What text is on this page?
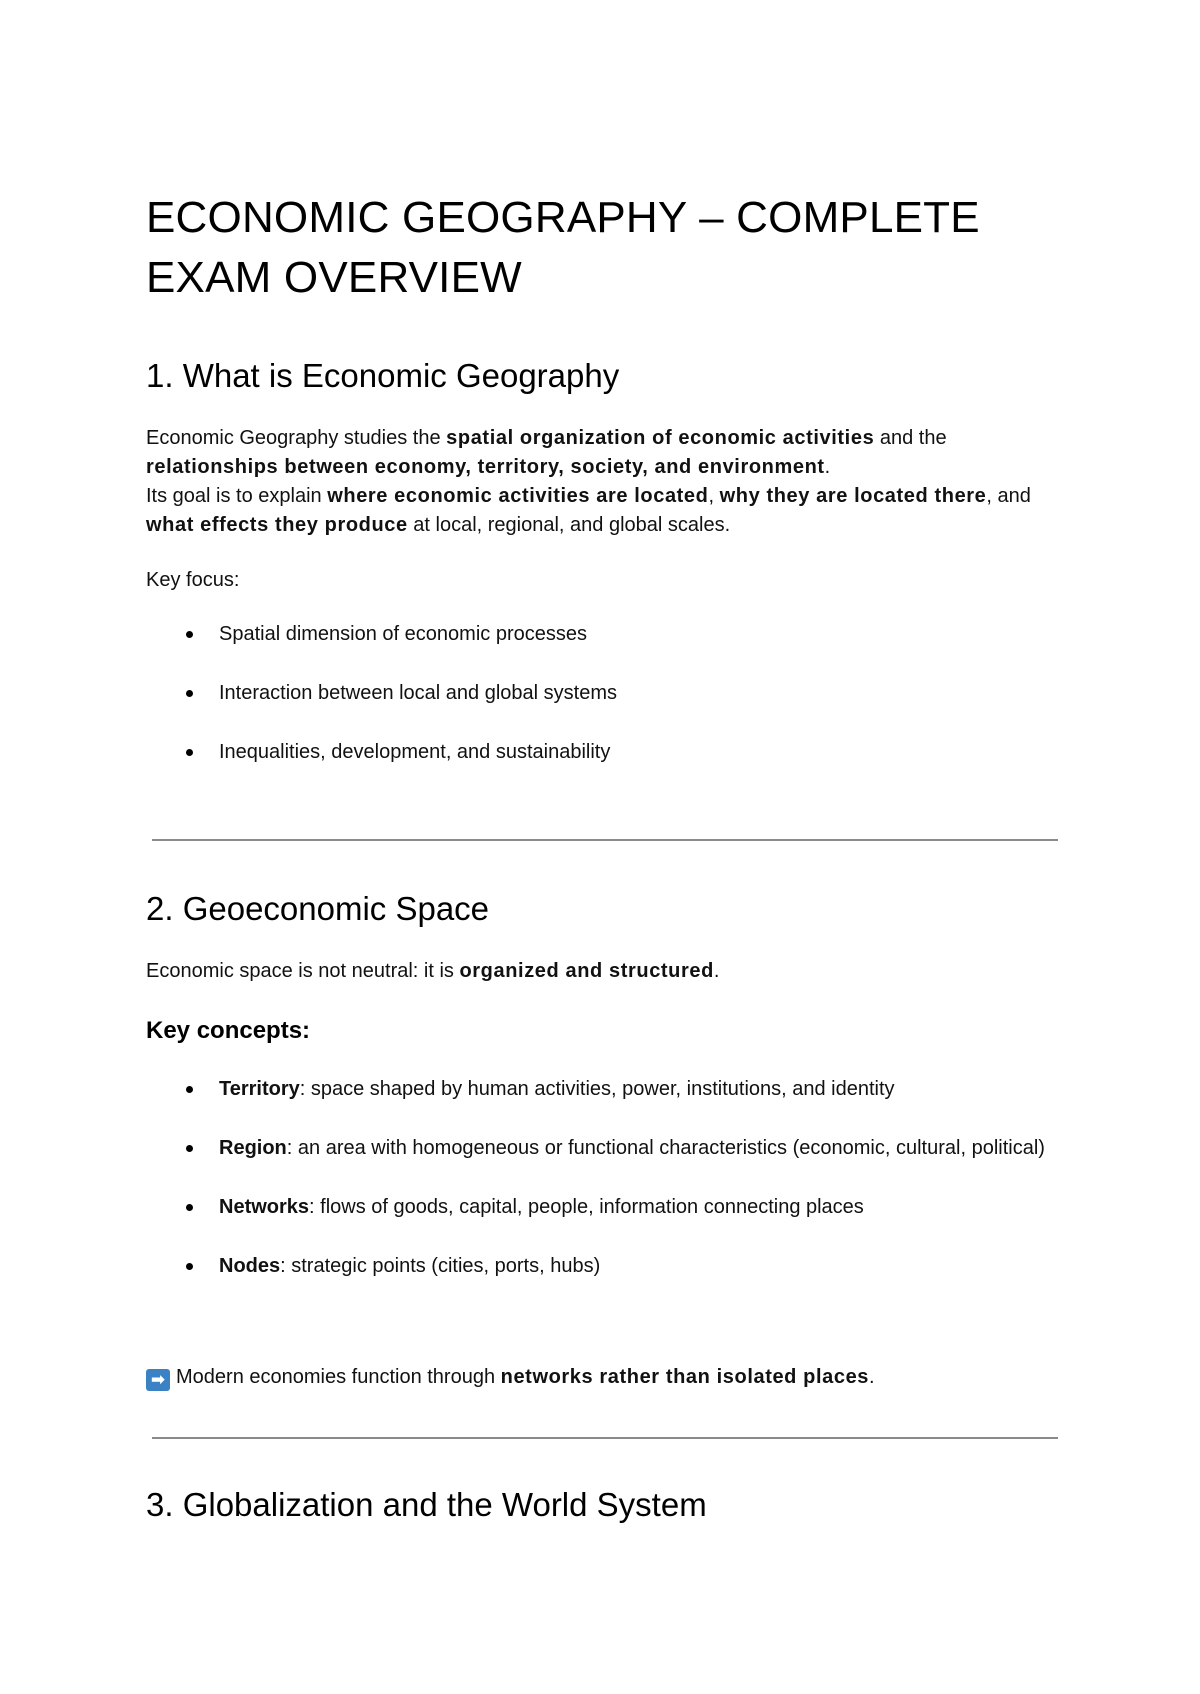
ECONOMIC GEOGRAPHY – COMPLETE EXAM OVERVIEW
1. What is Economic Geography

Economic Geography studies the spatial organization of economic activities and the relationships between economy, territory, society, and environment.
Its goal is to explain where economic activities are located, why they are located there, and what effects they produce at local, regional, and global scales.

Key focus:

Spatial dimension of economic processes
Interaction between local and global systems
Inequalities, development, and sustainability
2. Geoeconomic Space

Economic space is not neutral: it is organized and structured.

Key concepts:
Territory: space shaped by human activities, power, institutions, and identity
Region: an area with homogeneous or functional characteristics (economic, cultural, political)
Networks: flows of goods, capital, people, information connecting places
Nodes: strategic points (cities, ports, hubs)

➡ Modern economies function through networks rather than isolated places.

3. Globalization and the World System
